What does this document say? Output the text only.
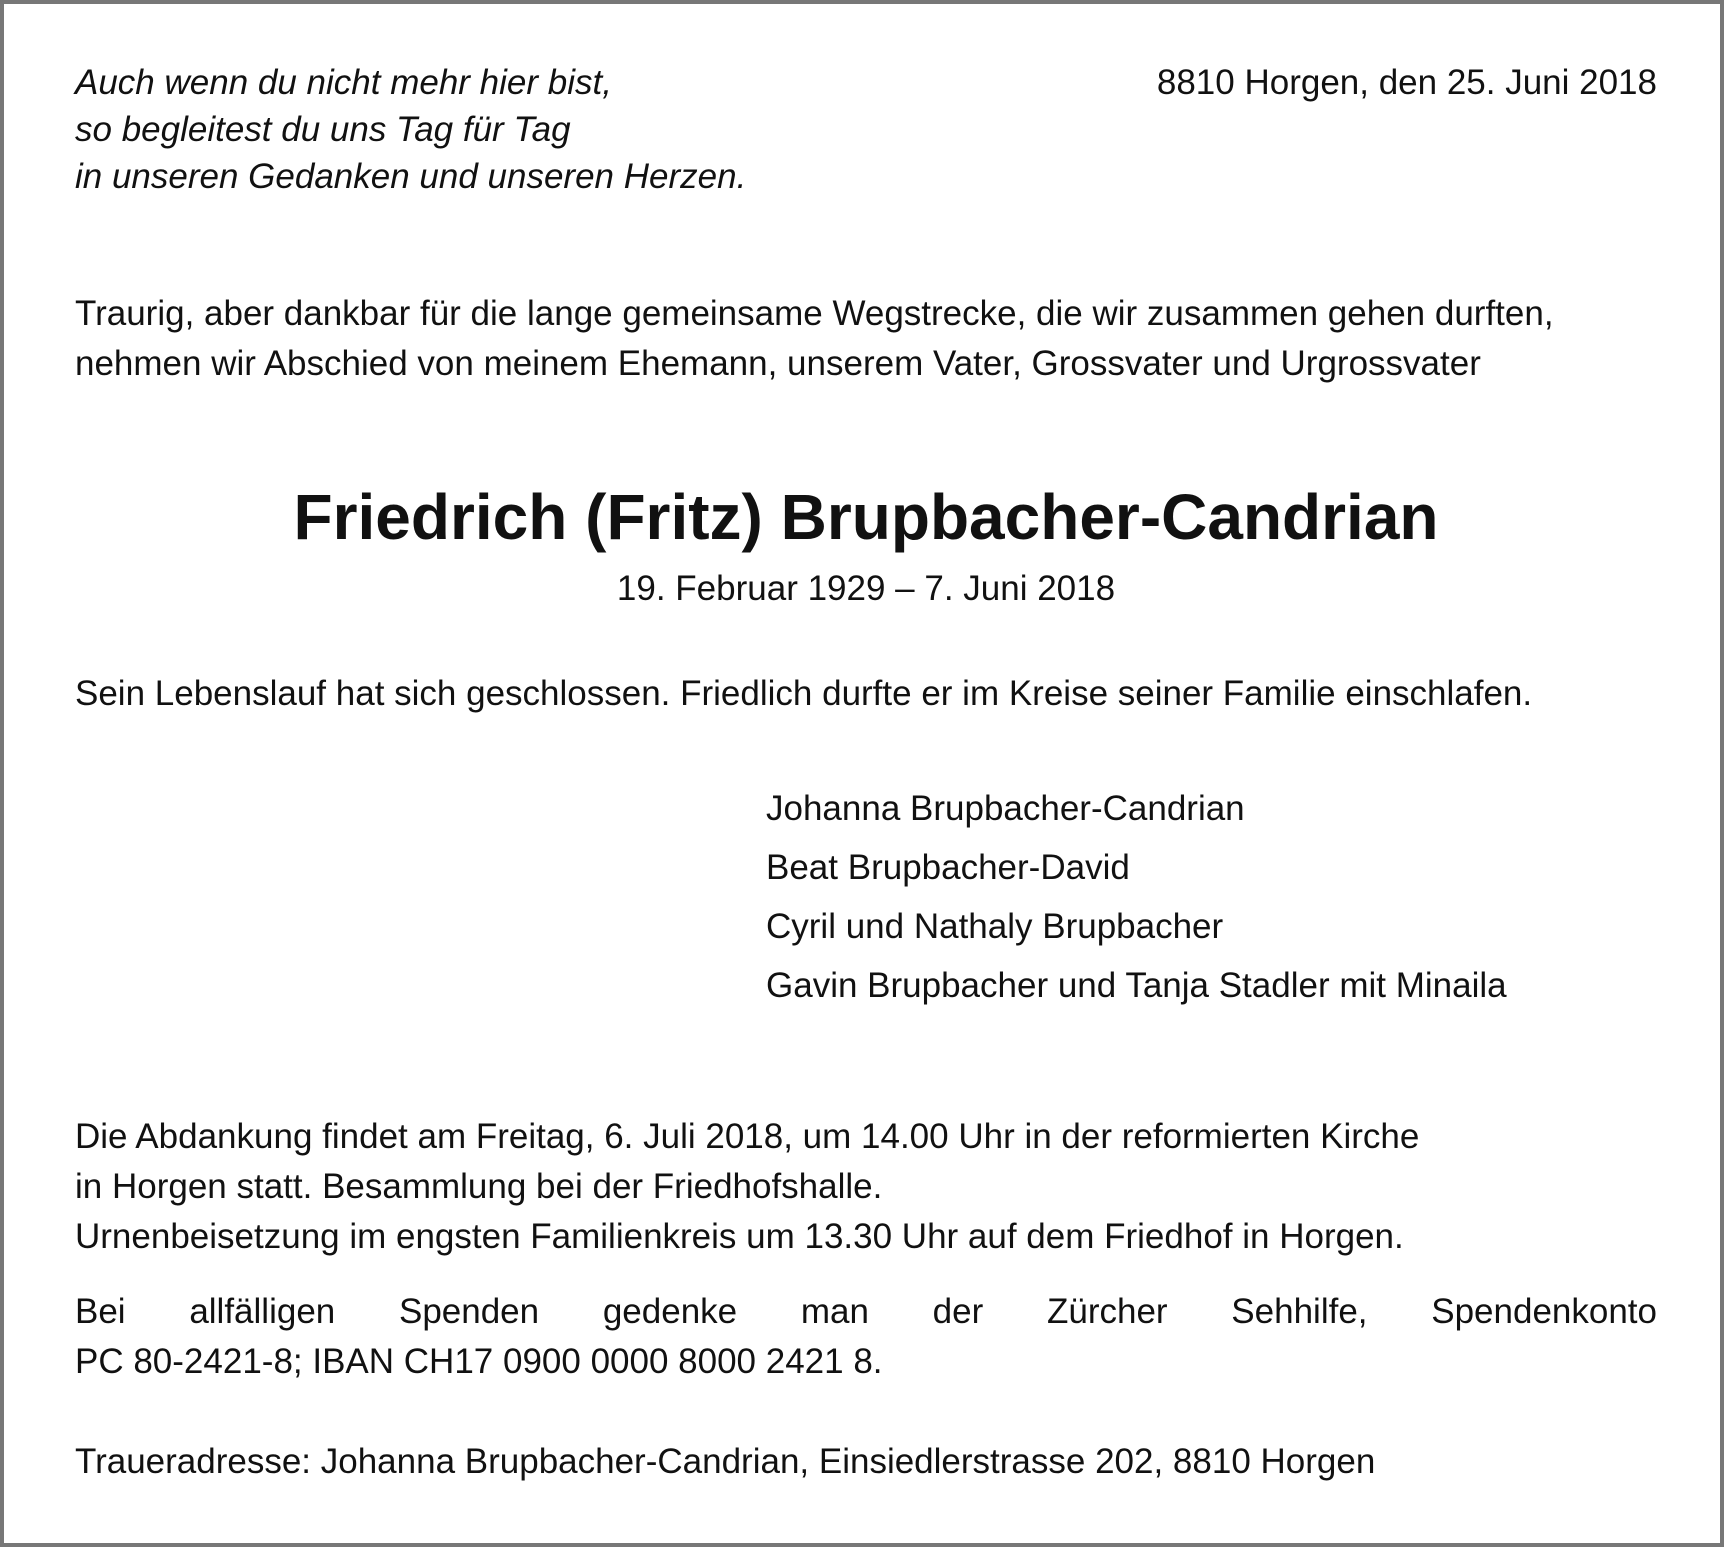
Auch wenn du nicht mehr hier bist,
so begleitest du uns Tag für Tag
in unseren Gedanken und unseren Herzen.
8810 Horgen, den 25. Juni 2018
Traurig, aber dankbar für die lange gemeinsame Wegstrecke, die wir zusammen gehen durften, nehmen wir Abschied von meinem Ehemann, unserem Vater, Grossvater und Urgrossvater
Friedrich (Fritz) Brupbacher-Candrian
19. Februar 1929 – 7. Juni 2018
Sein Lebenslauf hat sich geschlossen. Friedlich durfte er im Kreise seiner Familie einschlafen.
Johanna Brupbacher-Candrian
Beat Brupbacher-David
Cyril und Nathaly Brupbacher
Gavin Brupbacher und Tanja Stadler mit Minaila
Die Abdankung findet am Freitag, 6. Juli 2018, um 14.00 Uhr in der reformierten Kirche
in Horgen statt. Besammlung bei der Friedhofshalle.
Urnenbeisetzung im engsten Familienkreis um 13.30 Uhr auf dem Friedhof in Horgen.
Bei allfälligen Spenden gedenke man der Zürcher Sehhilfe, Spendenkonto
PC 80-2421-8; IBAN CH17 0900 0000 8000 2421 8.
Traueradresse: Johanna Brupbacher-Candrian, Einsiedlerstrasse 202, 8810 Horgen
